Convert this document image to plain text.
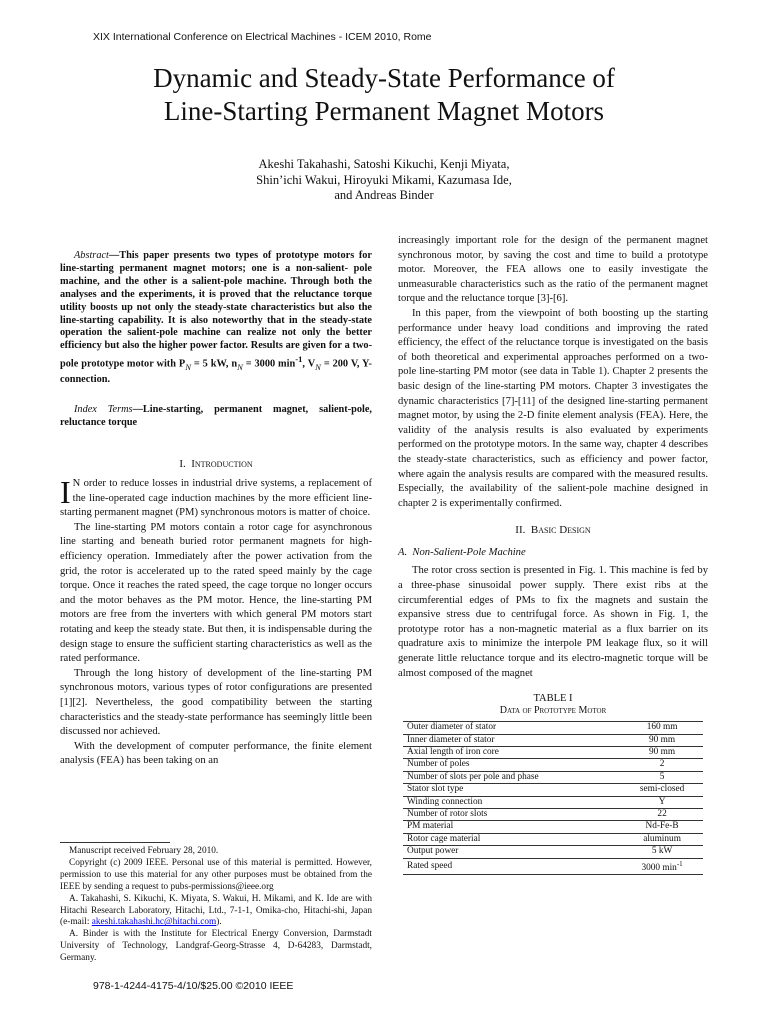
XIX International Conference on Electrical Machines - ICEM 2010, Rome
Dynamic and Steady-State Performance of
Line-Starting Permanent Magnet Motors
Akeshi Takahashi, Satoshi Kikuchi, Kenji Miyata,
Shin’ichi Wakui, Hiroyuki Mikami, Kazumasa Ide,
and Andreas Binder
Abstract—This paper presents two types of prototype motors for line-starting permanent magnet motors; one is a non-salient- pole machine, and the other is a salient-pole machine. Through both the analyses and the experiments, it is proved that the reluctance torque utility boosts up not only the steady-state characteristics but also the line-starting capability. It is also noteworthy that in the steady-state operation the salient-pole machine can realize not only the better efficiency but also the higher power factor. Results are given for a two-pole prototype motor with $P_N = 5$ kW, $n_N = 3000$ $\min^{-1}$, $V_N = 200$ V, Y-connection.
Index Terms—Line-starting, permanent magnet, salient-pole, reluctance torque
I. Introduction

I N order to reduce losses in industrial drive systems, a replacement of the line-operated cage induction machines by the more efficient line-starting permanent magnet (PM) synchronous motors is matter of choice.

The line-starting PM motors contain a rotor cage for asynchronous line starting and beneath buried rotor permanent magnets for high-efficiency operation. Immediately after the power activation from the grid, the rotor is accelerated up to the rated speed mainly by the cage torque. Once it reaches the rated speed, the cage torque no longer occurs and the motor behaves as the PM motor. Hence, the line-starting PM motors are free from the inverters with which general PM motors start rotating and keep the steady state. But then, it is indispensable during the design stage to ensure the sufficient starting characteristics as well as the rated performance.

Through the long history of development of the line-starting PM synchronous motors, various types of rotor configurations are presented [1][2]. Nevertheless, the good compatibility between the starting characteristics and the steady-state performance has seemingly little been discussed nor achieved.

With the development of computer performance, the finite element analysis (FEA) has been taking on an

Manuscript received February 28, 2010.

Copyright (c) 2009 IEEE. Personal use of this material is permitted. However, permission to use this material for any other purposes must be obtained from the IEEE by sending a request to pubs-permissions@ieee.org

A. Takahashi, S. Kikuchi, K. Miyata, S. Wakui, H. Mikami, and K. Ide are with Hitachi Research Laboratory, Hitachi, Ltd., 7-1-1, Omika-cho, Hitachi-shi, Japan (e-mail: akeshi.takahashi.hc@hitachi.com).

A. Binder is with the Institute for Electrical Energy Conversion, Darmstadt University of Technology, Landgraf-Georg-Strasse 4, D-64283, Darmstadt, Germany.

increasingly important role for the design of the permanent magnet synchronous motor, by saving the cost and time to build a prototype motor. Moreover, the FEA allows one to easily investigate the unmeasurable characteristics such as the ratio of the permanent magnet torque and the reluctance torque [3]-[6].

In this paper, from the viewpoint of both boosting up the starting performance under heavy load conditions and improving the rated efficiency, the effect of the reluctance torque is investigated on the basis of both theoretical and experimental approaches performed on a two-pole line-starting PM motor (see data in Table 1). Chapter 2 presents the basic design of the line-starting PM motors. Chapter 3 investigates the dynamic characteristics [7]-[11] of the designed line-starting permanent magnet motor, by using the 2-D finite element analysis (FEA). Here, the validity of the analysis results is also evaluated by experiments performed on the prototype motors. In the same way, chapter 4 describes the steady-state characteristics, such as efficiency and power factor, where again the analysis results are compared with the measured results. Especially, the availability of the salient-pole machine designed in chapter 2 is experimentally confirmed.

II. Basic Design

A. Non-Salient-Pole Machine

The rotor cross section is presented in Fig. 1. This machine is fed by a three-phase sinusoidal power supply. There exist ribs at the circumferential edges of PMs to fix the magnets and sustain the expansive stress due to centrifugal force. As shown in Fig. 1, the prototype rotor has a non-magnetic material as a flux barrier on its quadrature axis to minimize the interpole PM leakage flux, so it will generate little reluctance torque and its electro-magnetic torque will be almost composed of the magnet

TABLE I
Data of Prototype Motor
Outer diameter of stator	160 mm
Inner diameter of stator	90 mm
Axial length of iron core	90 mm
Number of poles	2
Number of slots per pole and phase	5
Stator slot type	semi-closed
Winding connection	Y
Number of rotor slots	22
PM material	Nd-Fe-B
Rotor cage material	aluminum
Output power	5 kW
Rated speed	3000 $\min^{-1}$
978-1-4244-4175-4/10/$25.00 ©2010 IEEE
